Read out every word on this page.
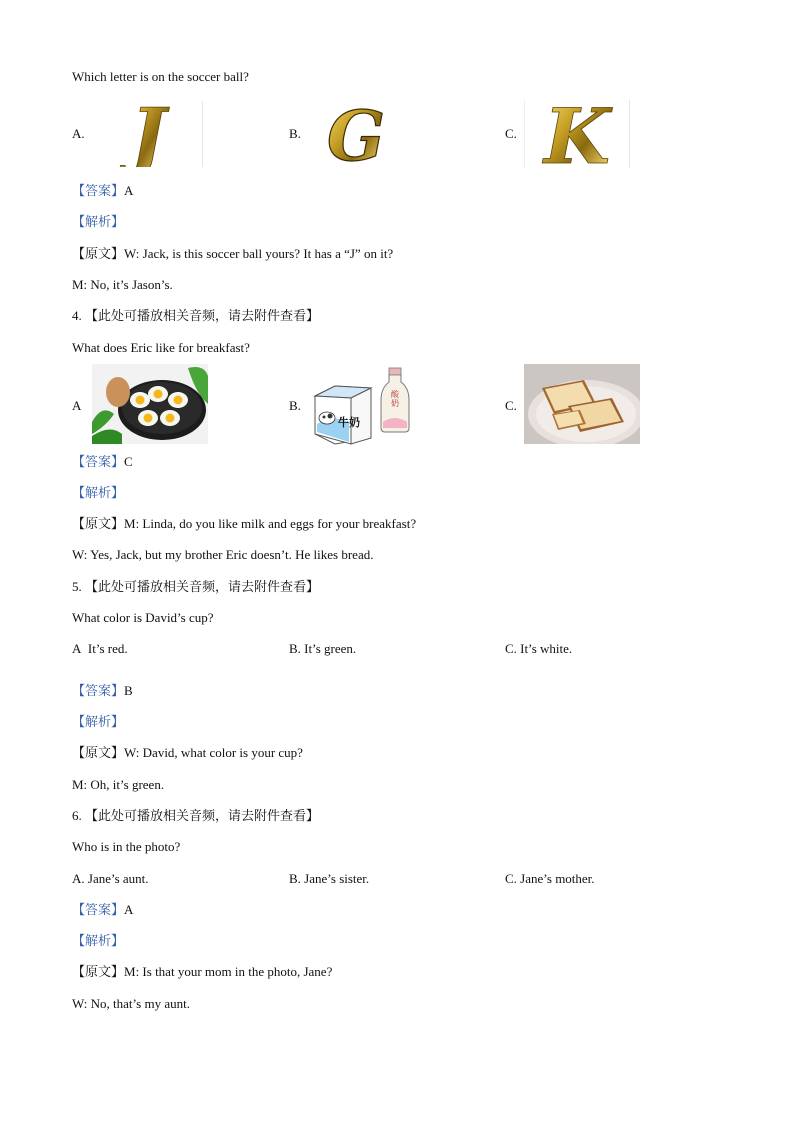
Which letter is on the soccer ball?
A. J	B. G	C. K
【答案】A
【解析】
【原文】W: Jack, is this soccer ball yours? It has a “J” on it?
M: No, it’s Jason’s.
4. 【此处可播放相关音频，请去附件查看】
What does Eric like for breakfast?
A	B.
牛奶
酸奶	C.
【答案】C
【解析】
【原文】M: Linda, do you like milk and eggs for your breakfast?
W: Yes, Jack, but my brother Eric doesn’t. He likes bread.
5. 【此处可播放相关音频，请去附件查看】
What color is David’s cup?
A It’s red.	B. It’s green.	C. It’s white.
【答案】B
【解析】
【原文】W: David, what color is your cup?
M: Oh, it’s green.
6. 【此处可播放相关音频，请去附件查看】
Who is in the photo?
A. Jane’s aunt.	B. Jane’s sister.	C. Jane’s mother.
【答案】A
【解析】
【原文】M: Is that your mom in the photo, Jane?
W: No, that’s my aunt.
